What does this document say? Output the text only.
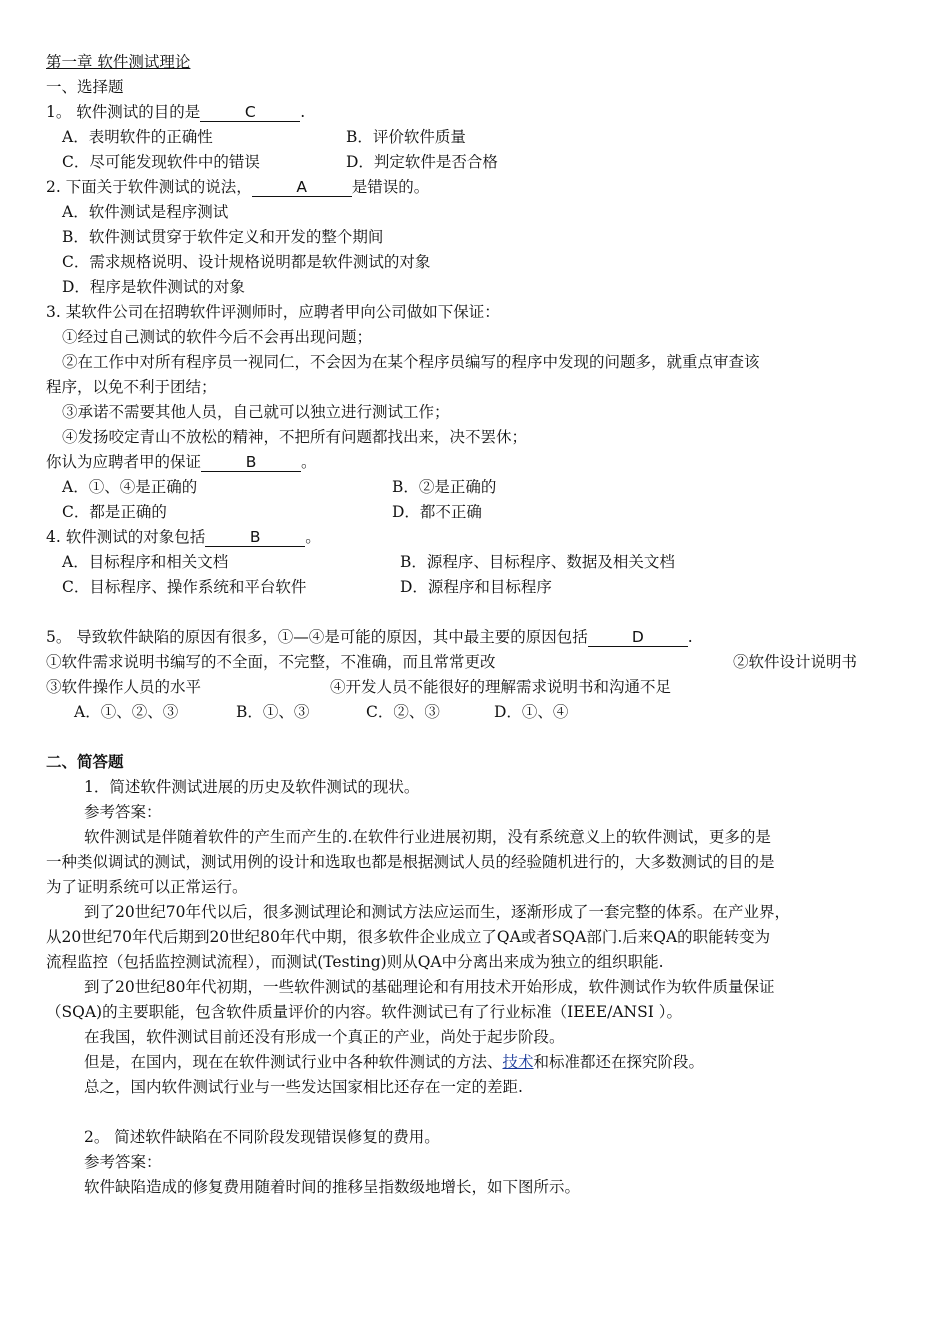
第一章 软件测试理论
一、选择题
1。 软件测试的目的是	C	.
A．表明软件的正确性	B．评价软件质量
C．尽可能发现软件中的错误	D．判定软件是否合格
2. 下面关于软件测试的说法，	A	是错误的。
A．软件测试是程序测试
B．软件测试贯穿于软件定义和开发的整个期间
C．需求规格说明、设计规格说明都是软件测试的对象
D．程序是软件测试的对象
3. 某软件公司在招聘软件评测师时，应聘者甲向公司做如下保证：
①经过自己测试的软件今后不会再出现问题；
②在工作中对所有程序员一视同仁，不会因为在某个程序员编写的程序中发现的问题多，就重点审查该
程序，以免不利于团结；
③承诺不需要其他人员，自己就可以独立进行测试工作；
④发扬咬定青山不放松的精神，不把所有问题都找出来，决不罢休；
你认为应聘者甲的保证	B	。
A．①、④是正确的	B．②是正确的
C．都是正确的	D．都不正确
4. 软件测试的对象包括	B	。
A．目标程序和相关文档	B．源程序、目标程序、数据及相关文档
C．目标程序、操作系统和平台软件	D．源程序和目标程序
5。 导致软件缺陷的原因有很多，①—④是可能的原因，其中最主要的原因包括	D	.
①软件需求说明书编写的不全面，不完整，不准确，而且常常更改	②软件设计说明书
③软件操作人员的水平	④开发人员不能很好的理解需求说明书和沟通不足
A．①、②、③	B．①、③	C．②、③	D．①、④
二、简答题
1．简述软件测试进展的历史及软件测试的现状。
参考答案：
软件测试是伴随着软件的产生而产生的.在软件行业进展初期，没有系统意义上的软件测试，更多的是
一种类似调试的测试，测试用例的设计和选取也都是根据测试人员的经验随机进行的，大多数测试的目的是
为了证明系统可以正常运行。
到了20世纪70年代以后，很多测试理论和测试方法应运而生，逐渐形成了一套完整的体系。在产业界，
从20世纪70年代后期到20世纪80年代中期，很多软件企业成立了QA或者SQA部门.后来QA的职能转变为
流程监控（包括监控测试流程），而测试(Testing)则从QA中分离出来成为独立的组织职能.
到了20世纪80年代初期，一些软件测试的基础理论和有用技术开始形成，软件测试作为软件质量保证
（SQA)的主要职能，包含软件质量评价的内容。软件测试已有了行业标准（IEEE/ANSI ）。
在我国，软件测试目前还没有形成一个真正的产业，尚处于起步阶段。
但是，在国内，现在在软件测试行业中各种软件测试的方法、技术和标准都还在探究阶段。
总之，国内软件测试行业与一些发达国家相比还存在一定的差距.
2。 简述软件缺陷在不同阶段发现错误修复的费用。
参考答案：
软件缺陷造成的修复费用随着时间的推移呈指数级地增长，如下图所示。
